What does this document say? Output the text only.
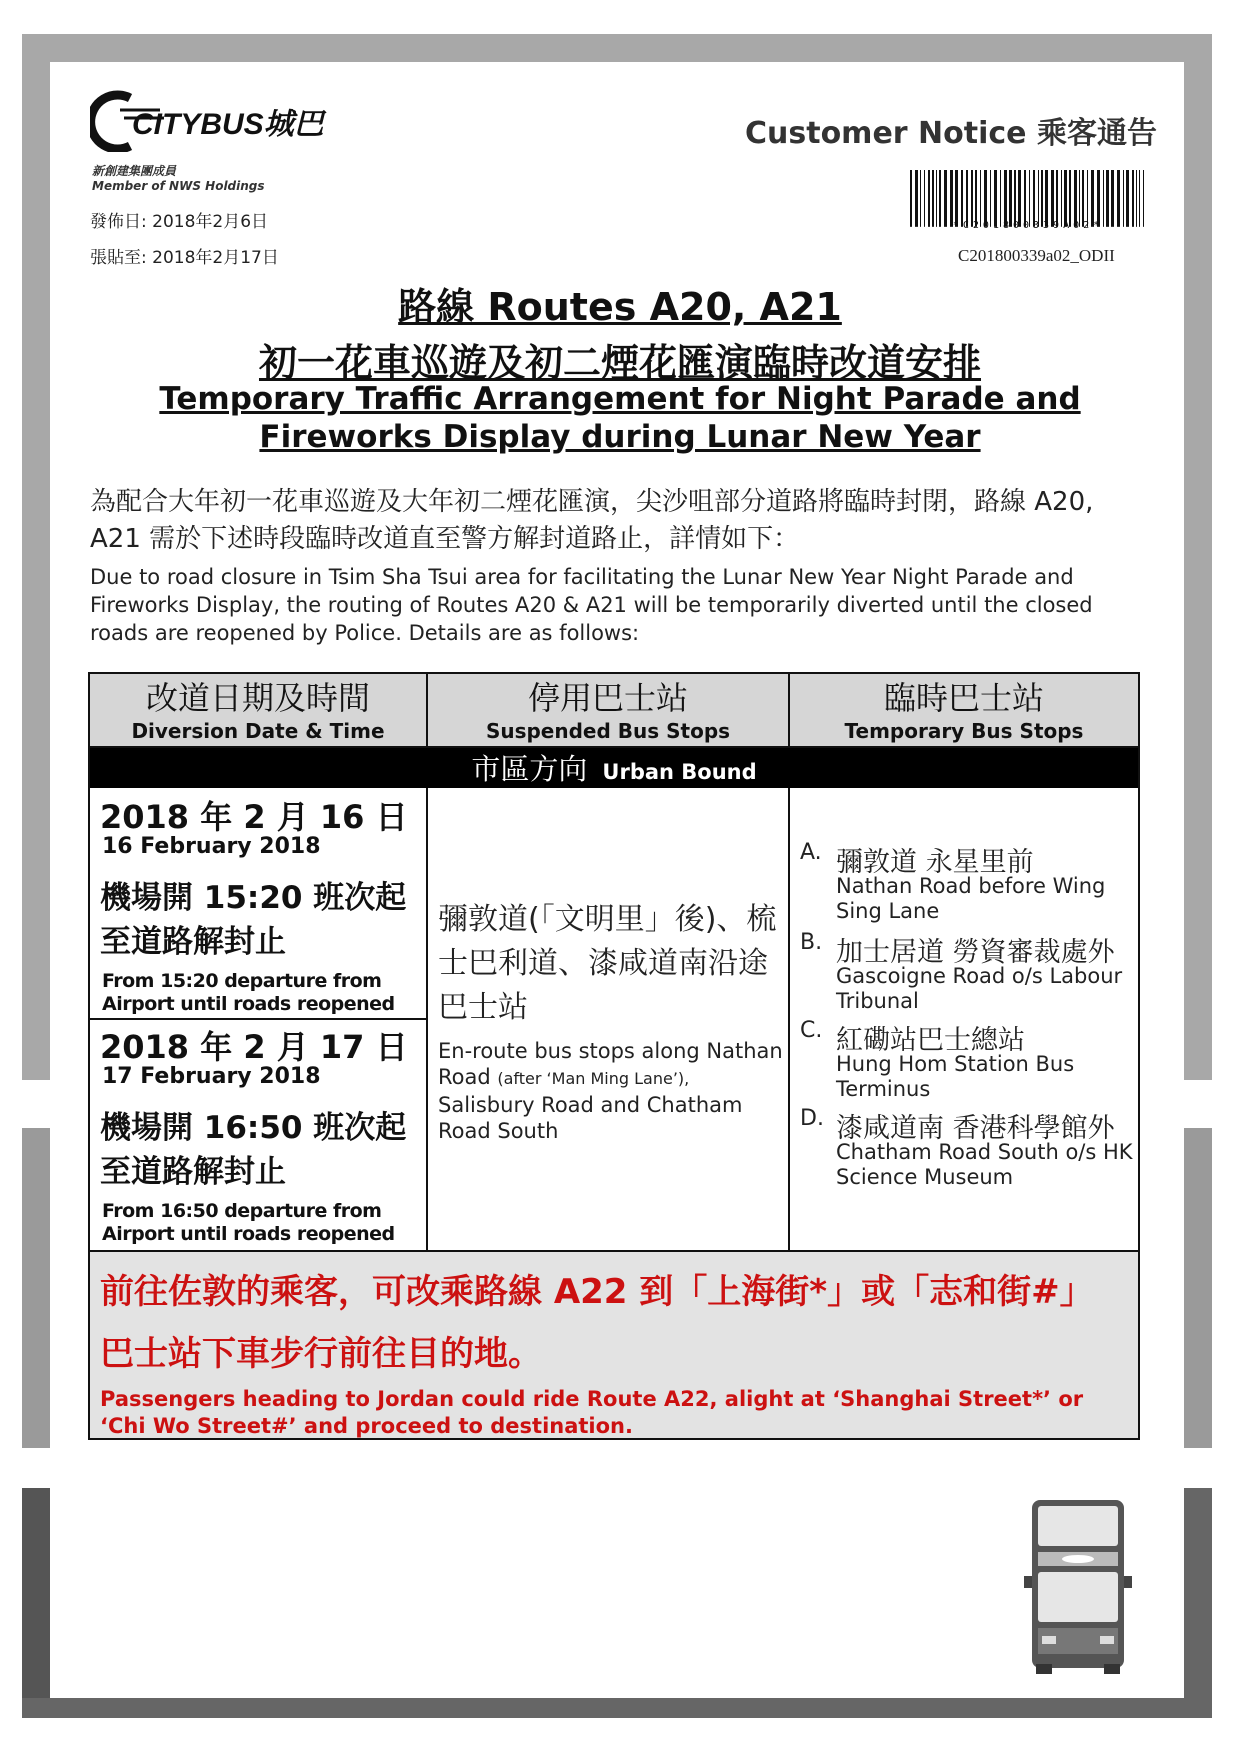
CITYBUS城巴
新創建集團成員
Member of NWS Holdings
發佈日: 2018年2月6日
張貼至: 2018年2月17日
Customer Notice 乘客通告
*C201800339A02*
C201800339a02_ODII
路線 Routes A20, A21
初一花車巡遊及初二煙花匯演臨時改道安排
Temporary Traffic Arrangement for Night Parade and
Fireworks Display during Lunar New Year
為配合大年初一花車巡遊及大年初二煙花匯演，尖沙咀部分道路將臨時封閉，路線 A20, A21 需於下述時段臨時改道直至警方解封道路止，詳情如下：
Due to road closure in Tsim Sha Tsui area for facilitating the Lunar New Year Night Parade and Fireworks Display, the routing of Routes A20 & A21 will be temporarily diverted until the closed roads are reopened by Police. Details are as follows:
改道日期及時間
Diversion Date & Time
停用巴士站
Suspended Bus Stops
臨時巴士站
Temporary Bus Stops
市區方向 Urban Bound
2018 年 2 月 16 日
16 February 2018
機場開 15:20 班次起至道路解封止
From 15:20 departure from Airport until roads reopened
2018 年 2 月 17 日
17 February 2018
機場開 16:50 班次起至道路解封止
From 16:50 departure from Airport until roads reopened
彌敦道(「文明里」後)、梳士巴利道、漆咸道南沿途巴士站
En-route bus stops along Nathan Road (after ‘Man Ming Lane’), Salisbury Road and Chatham Road South
A. 彌敦道 永星里前
Nathan Road before Wing Sing Lane
B. 加士居道 勞資審裁處外
Gascoigne Road o/s Labour Tribunal
C. 紅磡站巴士總站
Hung Hom Station Bus Terminus
D. 漆咸道南 香港科學館外
Chatham Road South o/s HK Science Museum
前往佐敦的乘客，可改乘路線 A22 到「上海街*」或「志和街#」
巴士站下車步行前往目的地。
Passengers heading to Jordan could ride Route A22, alight at ‘Shanghai Street*’ or ‘Chi Wo Street#’ and proceed to destination.
